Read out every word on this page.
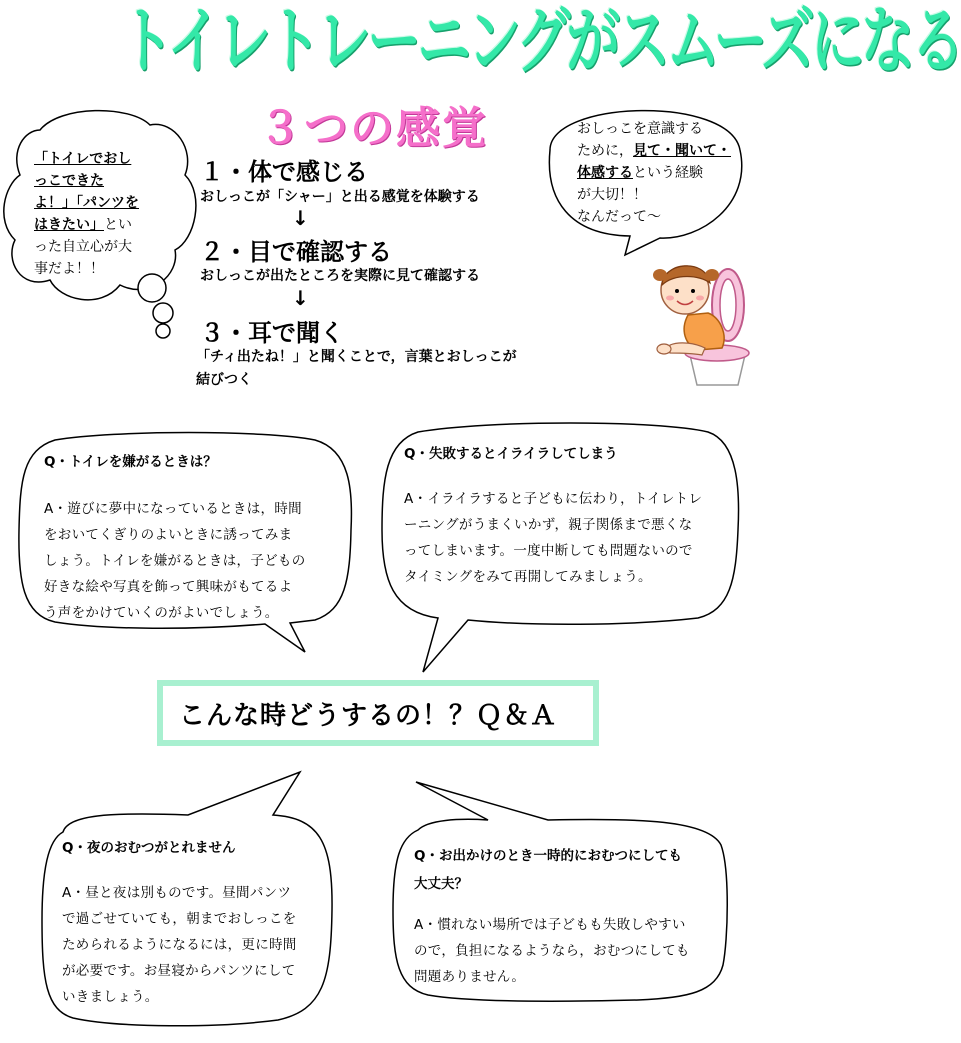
トイレトレーニングがスムーズになる
３つの感覚
「トイレでおし
っこできた
よ！」「パンツを
はきたい」とい
った自立心が大
事だよ！！
おしっこを意識する
ために，見て・聞いて・
体感するという経験
が大切！！
なんだって～
１・体で感じる
おしっこが「シャー」と出る感覚を体験する
↓
２・目で確認する
おしっこが出たところを実際に見て確認する
↓
３・耳で聞く
「チィ出たね！」と聞くことで，言葉とおしっこが
結びつく
Q・トイレを嫌がるときは？
A・遊びに夢中になっているときは，時間
をおいてくぎりのよいときに誘ってみま
しょう。トイレを嫌がるときは，子どもの
好きな絵や写真を飾って興味がもてるよ
う声をかけていくのがよいでしょう。
Q・失敗するとイライラしてしまう
A・イライラすると子どもに伝わり，トイレトレ
ーニングがうまくいかず，親子関係まで悪くな
ってしまいます。一度中断しても問題ないので
タイミングをみて再開してみましょう。
こんな時どうするの！？Ｑ＆Ａ
Q・夜のおむつがとれません
A・昼と夜は別ものです。昼間パンツ
で過ごせていても，朝までおしっこを
ためられるようになるには，更に時間
が必要です。お昼寝からパンツにして
いきましょう。
Q・お出かけのとき一時的におむつにしても
大丈夫？
A・慣れない場所では子どもも失敗しやすい
ので，負担になるようなら，おむつにしても
問題ありません。
